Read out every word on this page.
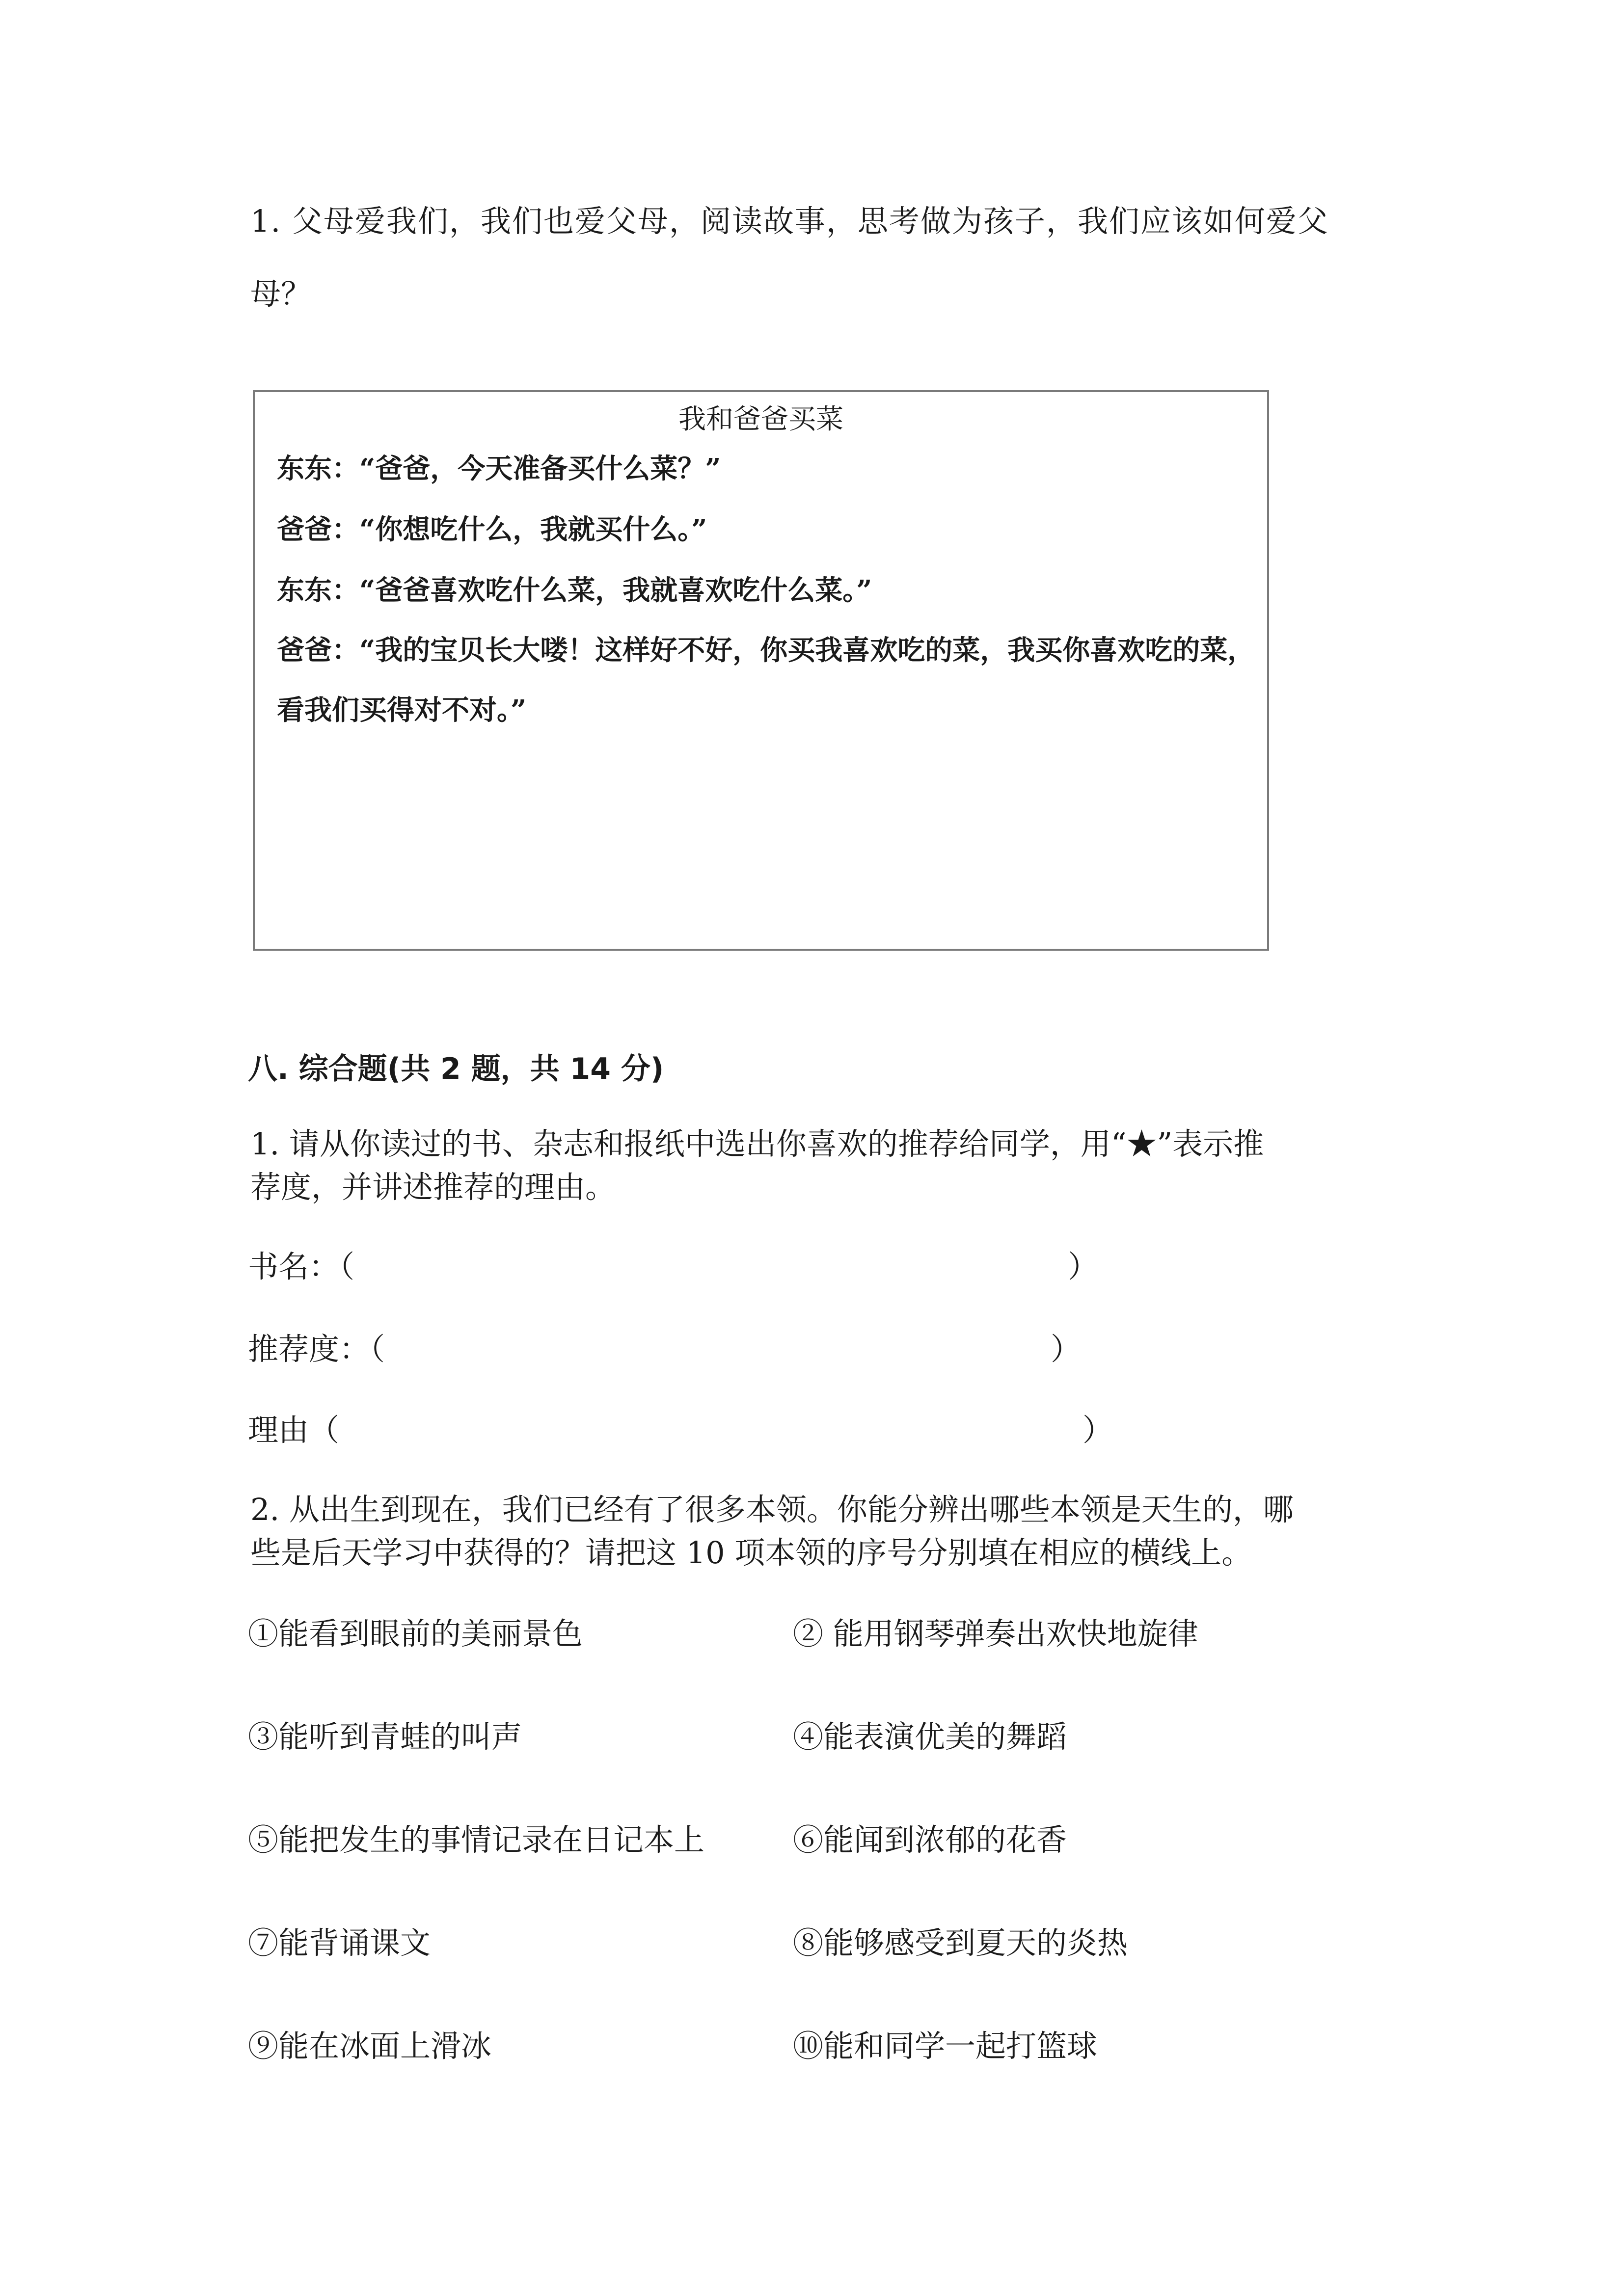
1. 父母爱我们，我们也爱父母，阅读故事，思考做为孩子，我们应该如何爱父
母？
我和爸爸买菜
东东：“爸爸，今天准备买什么菜？”
爸爸：“你想吃什么，我就买什么。”
东东：“爸爸喜欢吃什么菜，我就喜欢吃什么菜。”
爸爸：“我的宝贝长大喽！这样好不好，你买我喜欢吃的菜，我买你喜欢吃的菜，
看我们买得对不对。”
八. 综合题(共 2 题，共 14 分)
1. 请从你读过的书、杂志和报纸中选出你喜欢的推荐给同学，用“★”表示推
荐度，并讲述推荐的理由。
书名：（	）
推荐度：（	）
理由（	）
2. 从出生到现在，我们已经有了很多本领。你能分辨出哪些本领是天生的，哪
些是后天学习中获得的？请把这 10 项本领的序号分别填在相应的横线上。
①能看到眼前的美丽景色	② 能用钢琴弹奏出欢快地旋律
③能听到青蛙的叫声	④能表演优美的舞蹈
⑤能把发生的事情记录在日记本上	⑥能闻到浓郁的花香
⑦能背诵课文	⑧能够感受到夏天的炎热
⑨能在冰面上滑冰	⑩能和同学一起打篮球
